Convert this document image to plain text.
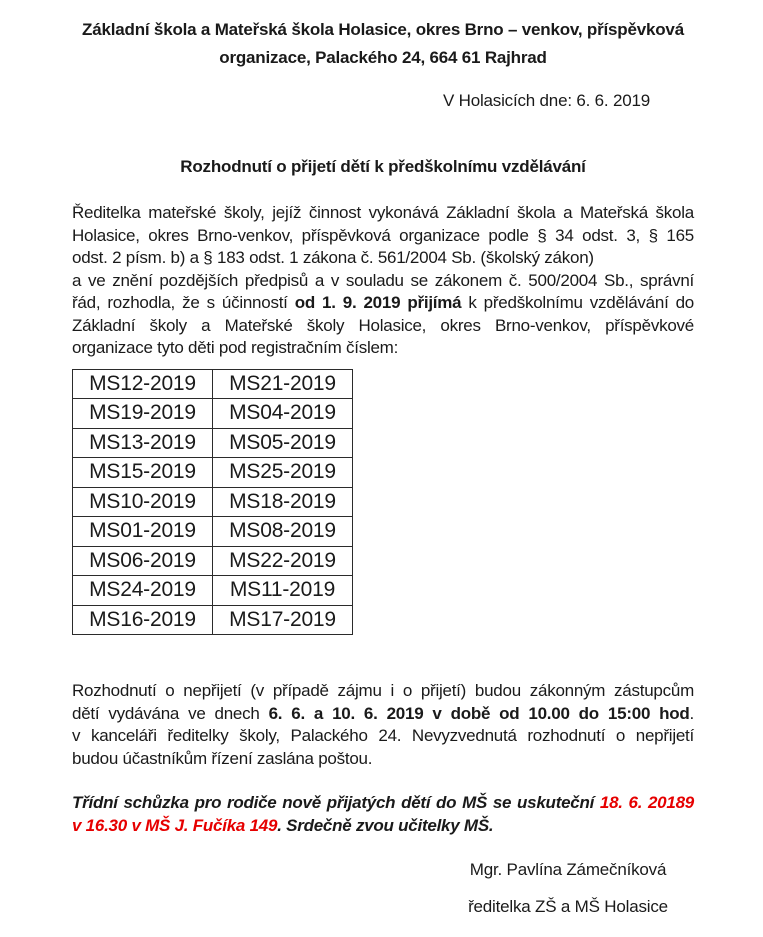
Základní škola a Mateřská škola Holasice, okres Brno – venkov, příspěvková
organizace, Palackého 24, 664 61 Rajhrad
V Holasicích dne: 6. 6. 2019
Rozhodnutí o přijetí dětí k předškolnímu vzdělávání
Ředitelka mateřské školy, jejíž činnost vykonává Základní škola a Mateřská škola
Holasice, okres Brno-venkov, příspěvková organizace podle § 34 odst. 3, § 165
odst. 2 písm. b) a § 183 odst. 1 zákona č. 561/2004 Sb. (školský zákon)
a ve znění pozdějších předpisů a v souladu se zákonem č. 500/2004 Sb., správní
řád, rozhodla, že s účinností od 1. 9. 2019 přijímá k předškolnímu vzdělávání do
Základní školy a Mateřské školy Holasice, okres Brno-venkov, příspěvkové
organizace tyto děti pod registračním číslem:
MS12-2019	MS21-2019
MS19-2019	MS04-2019
MS13-2019	MS05-2019
MS15-2019	MS25-2019
MS10-2019	MS18-2019
MS01-2019	MS08-2019
MS06-2019	MS22-2019
MS24-2019	MS11-2019
MS16-2019	MS17-2019
Rozhodnutí o nepřijetí (v případě zájmu i o přijetí) budou zákonným zástupcům
dětí vydávána ve dnech 6. 6. a 10. 6. 2019 v době od 10.00 do 15:00 hod.
v kanceláři ředitelky školy, Palackého 24. Nevyzvednutá rozhodnutí o nepřijetí
budou účastníkům řízení zaslána poštou.
Třídní schůzka pro rodiče nově přijatých dětí do MŠ se uskuteční 18. 6. 20189
v 16.30 v MŠ J. Fučíka 149. Srdečně zvou učitelky MŠ.
Mgr. Pavlína Zámečníková
ředitelka ZŠ a MŠ Holasice
